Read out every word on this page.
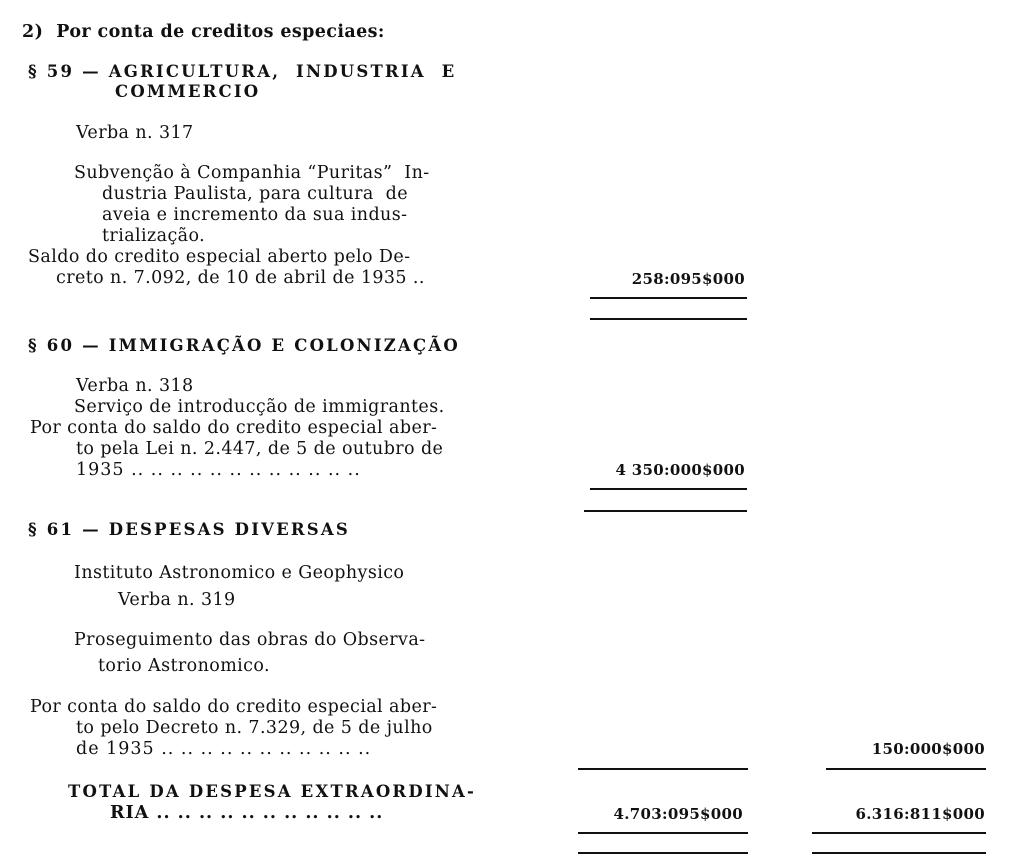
2)  Por conta de creditos especiaes:
§ 59 — AGRICULTURA,  INDUSTRIA  E
COMMERCIO
Verba n. 317
Subvenção à Companhia “Puritas”  In-
dustria Paulista, para cultura  de
aveia e incremento da sua indus-
trialização.
Saldo do credito especial aberto pelo De-
creto n. 7.092, de 10 de abril de 1935 ..	258:095$000
§ 60 — IMMIGRAÇÃO E COLONIZAÇÃO
Verba n. 318
Serviço de introducção de immigrantes.
Por conta do saldo do credito especial aber-
to pela Lei n. 2.447, de 5 de outubro de
1935 .. .. .. .. .. .. .. .. .. .. .. ..	4 350:000$000
§ 61 — DESPESAS DIVERSAS
Instituto Astronomico e Geophysico
Verba n. 319
Proseguimento das obras do Observa-
torio Astronomico.
Por conta do saldo do credito especial aber-
to pelo Decreto n. 7.329, de 5 de julho
de 1935 .. .. .. .. .. .. .. .. .. .. ..	150:000$000
TOTAL DA DESPESA EXTRAORDINA-
RIA .. .. .. .. .. .. .. .. .. .. ..	4.703:095$000	6.316:811$000
